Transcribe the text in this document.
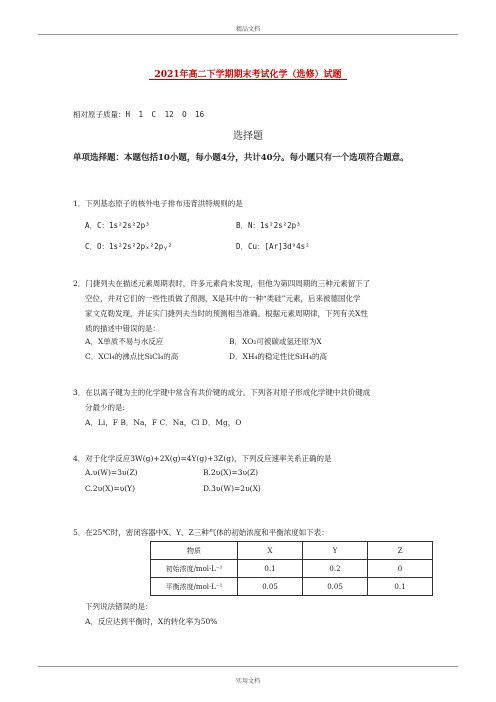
精品文档
2021年高二下学期期末考试化学（选修）试题
相对原子质量：H 1 C 12 O 16
选择题
单项选择题：本题包括10小题，每小题4分，共计40分。每小题只有一个选项符合题意。
1．下列基态原子的核外电子排布违背洪特规则的是
A．C：1s²2s²2p³	B．N：1s²2s²2p³
C．O：1s²2s²2pₓ²2pᵧ²	D．Cu：[Ar]3d⁹4s²
2．门捷列夫在描述元素周期表时，许多元素尚未发现，但他为第四周期的三种元素留下了
空位，并对它们的一些性质做了预测，X是其中的一种“类硅”元素，后来被德国化学
家文克勒发现，并证实门捷列夫当时的预测相当准确。根据元素周期律，下列有关X性
质的描述中错误的是：
A．X单质不易与水反应	B．XO₂可被碳或氢还原为X
C．XCl₄的沸点比SiCl₄的高	D．XH₄的稳定性比SiH₄的高
3．在以离子键为主的化学键中常含有共价键的成分。下列各对原子形成化学键中共价键成
分最少的是:
A．Li，F B．Na，F C．Na，Cl D．Mg，O
4．对于化学反应3W(g)+2X(g)=4Y(g)+3Z(g)，下列反应速率关系正确的是
A.υ(W)=3υ(Z)	B.2υ(X)=3υ(Z)
C.2υ(X)=υ(Y)	D.3υ(W)=2υ(X)
5．在25℃时，密闭容器中X、Y、Z三种气体的初始浓度和平衡浓度如下表：
物质	X	Y	Z
初始浓度/mol·L⁻¹	0.1	0.2	0
平衡浓度/mol·L⁻¹	0.05	0.05	0.1
下列说法错误的是：
A．反应达到平衡时，X的转化率为50%
实用文档
